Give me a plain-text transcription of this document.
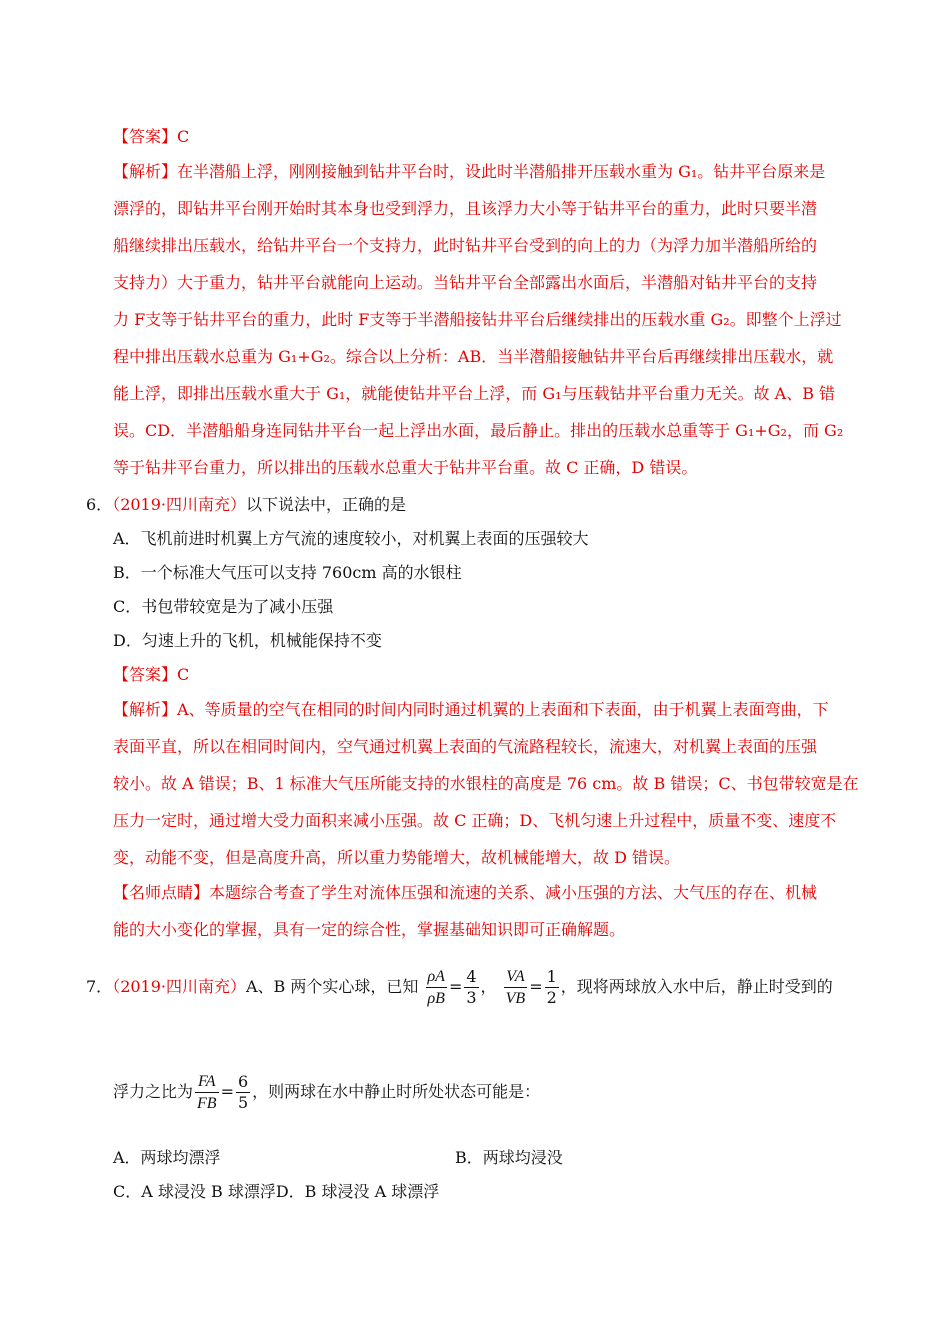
【答案】C
【解析】在半潜船上浮，刚刚接触到钻井平台时，设此时半潜船排开压载水重为 G₁。钻井平台原来是
漂浮的，即钻井平台刚开始时其本身也受到浮力，且该浮力大小等于钻井平台的重力，此时只要半潜
船继续排出压载水，给钻井平台一个支持力，此时钻井平台受到的向上的力（为浮力加半潜船所给的
支持力）大于重力，钻井平台就能向上运动。当钻井平台全部露出水面后，半潜船对钻井平台的支持
力 F支等于钻井平台的重力，此时 F支等于半潜船接钻井平台后继续排出的压载水重 G₂。即整个上浮过
程中排出压载水总重为 G₁+G₂。综合以上分析：AB．当半潜船接触钻井平台后再继续排出压载水，就
能上浮，即排出压载水重大于 G₁，就能使钻井平台上浮，而 G₁与压载钻井平台重力无关。故 A、B 错
误。CD．半潜船船身连同钻井平台一起上浮出水面，最后静止。排出的压载水总重等于 G₁+G₂，而 G₂
等于钻井平台重力，所以排出的压载水总重大于钻井平台重。故 C 正确，D 错误。
6．（2019·四川南充）以下说法中，正确的是
A．飞机前进时机翼上方气流的速度较小，对机翼上表面的压强较大
B．一个标准大气压可以支持 760cm 高的水银柱
C．书包带较宽是为了减小压强
D．匀速上升的飞机，机械能保持不变
【答案】C
【解析】A、等质量的空气在相同的时间内同时通过机翼的上表面和下表面，由于机翼上表面弯曲，下
表面平直，所以在相同时间内，空气通过机翼上表面的气流路程较长，流速大，对机翼上表面的压强
较小。故 A 错误；B、1 标准大气压所能支持的水银柱的高度是 76 cm。故 B 错误；C、书包带较宽是在
压力一定时，通过增大受力面积来减小压强。故 C 正确；D、飞机匀速上升过程中，质量不变、速度不
变，动能不变，但是高度升高，所以重力势能增大，故机械能增大，故 D 错误。
【名师点睛】本题综合考查了学生对流体压强和流速的关系、减小压强的方法、大气压的存在、机械
能的大小变化的掌握，具有一定的综合性，掌握基础知识即可正确解题。
7．（2019·四川南充）A、B 两个实心球，已知 $\frac{\rho A}{\rho B} = \frac{4}{3}$ ， $\frac{VA}{VB} = \frac{1}{2}$ ，现将两球放入水中后，静止时受到的
浮力之比为 $\frac{FA}{FB} = \frac{6}{5}$ ，则两球在水中静止时所处状态可能是：
A．两球均漂浮	B．两球均浸没
C．A 球浸没 B 球漂浮D．B 球浸没 A 球漂浮
